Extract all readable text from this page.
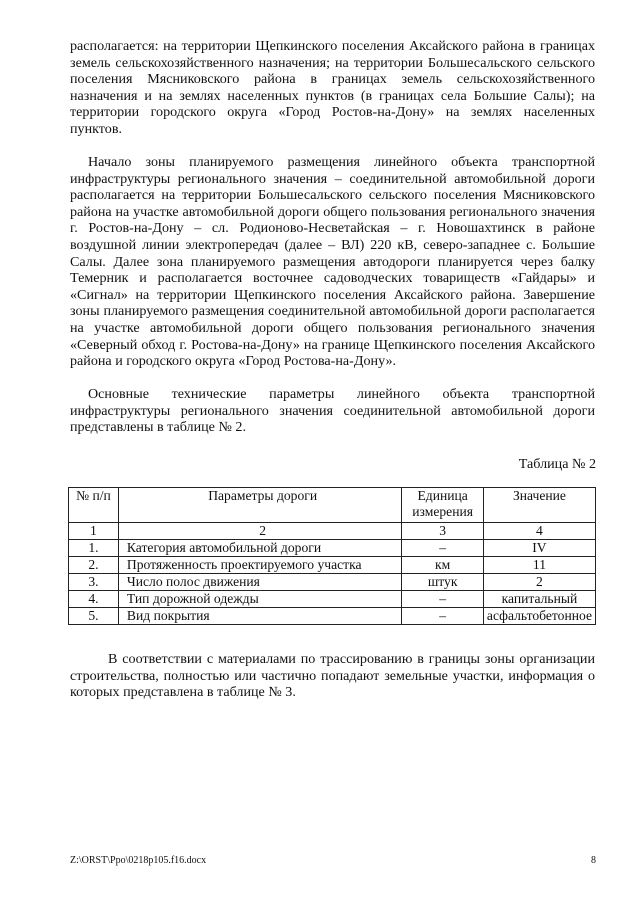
располагается: на территории Щепкинского поселения Аксайского района в границах земель сельскохозяйственного назначения; на территории Большесальского сельского поселения Мясниковского района в границах земель сельскохозяйственного назначения и на землях населенных пунктов (в границах села Большие Салы); на территории городского округа «Город Ростов-на-Дону» на землях населенных пунктов.

Начало зоны планируемого размещения линейного объекта транспортной инфраструктуры регионального значения – соединительной автомобильной дороги располагается на территории Большесальского сельского поселения Мясниковского района на участке автомобильной дороги общего пользования регионального значения г. Ростов-на-Дону – сл. Родионово-Несветайская – г. Новошахтинск в районе воздушной линии электропередач (далее – ВЛ) 220 кВ, северо-западнее с. Большие Салы. Далее зона планируемого размещения автодороги планируется через балку Темерник и располагается восточнее садоводческих товариществ «Гайдары» и «Сигнал» на территории Щепкинского поселения Аксайского района. Завершение зоны планируемого размещения соединительной автомобильной дороги располагается на участке автомобильной дороги общего пользования регионального значения «Северный обход г. Ростова-на-Дону» на границе Щепкинского поселения Аксайского района и городского округа «Город Ростова-на-Дону».

Основные технические параметры линейного объекта транспортной инфраструктуры регионального значения соединительной автомобильной дороги представлены в таблице № 2.

Таблица № 2

№ п/п	Параметры дороги	Единица измерения	Значение
1	2	3	4
1.	Категория автомобильной дороги	–	IV
2.	Протяженность проектируемого участка	км	11
3.	Число полос движения	штук	2
4.	Тип дорожной одежды	–	капитальный
5.	Вид покрытия	–	асфальтобетонное

В соответствии с материалами по трассированию в границы зоны организации строительства, полностью или частично попадают земельные участки, информация о которых представлена в таблице № 3.

Z:\ORST\Ppo\0218p105.f16.docx	8
